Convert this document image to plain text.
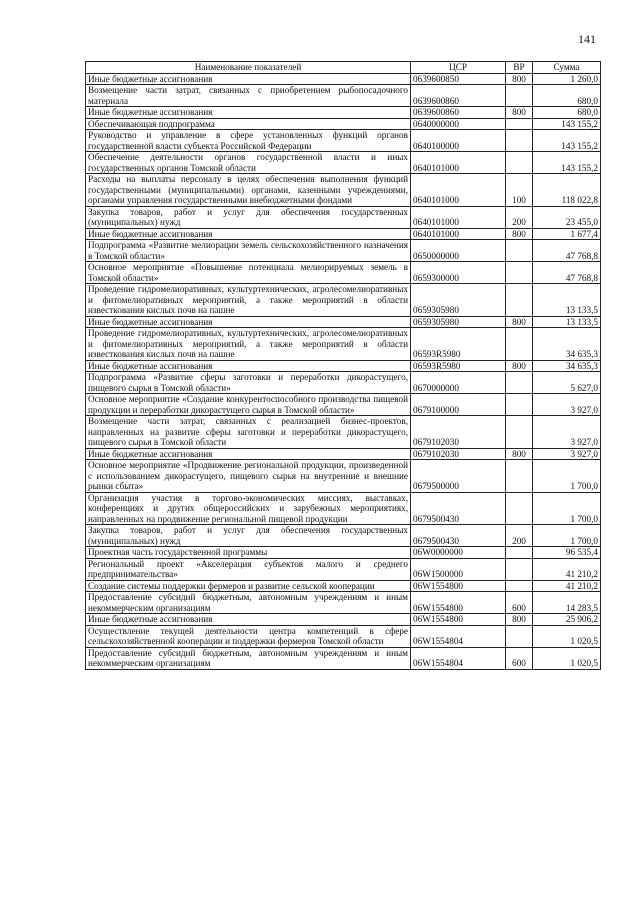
141
Наименование показателей	ЦСР	ВР	Сумма
Иные бюджетные ассигнования	0639600850	800	1 260,0
Возмещение части затрат, связанных с приобретением рыбопосадочного материала	0639600860		680,0
Иные бюджетные ассигнования	0639600860	800	680,0
Обеспечивающая подпрограмма	0640000000		143 155,2
Руководство и управление в сфере установленных функций органов государственной власти субъекта Российской Федерации	0640100000		143 155,2
Обеспечение деятельности органов государственной власти и иных государственных органов Томской области	0640101000		143 155,2
Расходы на выплаты персоналу в целях обеспечения выполнения функций государственными (муниципальными) органами, казенными учреждениями, органами управления государственными внебюджетными фондами	0640101000	100	118 022,8
Закупка товаров, работ и услуг для обеспечения государственных (муниципальных) нужд	0640101000	200	23 455,0
Иные бюджетные ассигнования	0640101000	800	1 677,4
Подпрограмма «Развитие мелиорации земель сельскохозяйственного назначения в Томской области»	0650000000		47 768,8
Основное мероприятие «Повышение потенциала мелиорируемых земель в Томской области»	0659300000		47 768,8
Проведение гидромелиоративных, культуртехнических, агролесомелиоративных и фитомелиоративных мероприятий, а также мероприятий в области известкования кислых почв на пашне	0659305980		13 133,5
Иные бюджетные ассигнования	0659305980	800	13 133,5
Проведение гидромелиоративных, культуртехнических, агролесомелиоративных и фитомелиоративных мероприятий, а также мероприятий в области известкования кислых почв на пашне	06593R5980		34 635,3
Иные бюджетные ассигнования	06593R5980	800	34 635,3
Подпрограмма «Развитие сферы заготовки и переработки дикорастущего, пищевого сырья в Томской области»	0670000000		5 627,0
Основное мероприятие «Создание конкурентоспособного производства пищевой продукции и переработки дикорастущего сырья в Томской области»	0679100000		3 927,0
Возмещение части затрат, связанных с реализацией бизнес-проектов, направленных на развитие сферы заготовки и переработки дикорастущего, пищевого сырья в Томской области	0679102030		3 927,0
Иные бюджетные ассигнования	0679102030	800	3 927,0
Основное мероприятие «Продвижение региональной продукции, произведенной с использованием дикорастущего, пищевого сырья на внутренние и внешние рынки сбыта»	0679500000		1 700,0
Организация участия в торгово-экономических миссиях, выставках, конференциях и других общероссийских и зарубежных мероприятиях, направленных на продвижение региональной пищевой продукции	0679500430		1 700,0
Закупка товаров, работ и услуг для обеспечения государственных (муниципальных) нужд	0679500430	200	1 700,0
Проектная часть государственной программы	06W0000000		96 535,4
Региональный проект «Акселерация субъектов малого и среднего предпринимательства»	06W1500000		41 210,2
Создание системы поддержки фермеров и развитие сельской кооперации	06W1554800		41 210,2
Предоставление субсидий бюджетным, автономным учреждениям и иным некоммерческим организациям	06W1554800	600	14 283,5
Иные бюджетные ассигнования	06W1554800	800	25 906,2
Осуществление текущей деятельности центра компетенций в сфере сельскохозяйственной кооперации и поддержки фермеров Томской области	06W1554804		1 020,5
Предоставление субсидий бюджетным, автономным учреждениям и иным некоммерческим организациям	06W1554804	600	1 020,5
